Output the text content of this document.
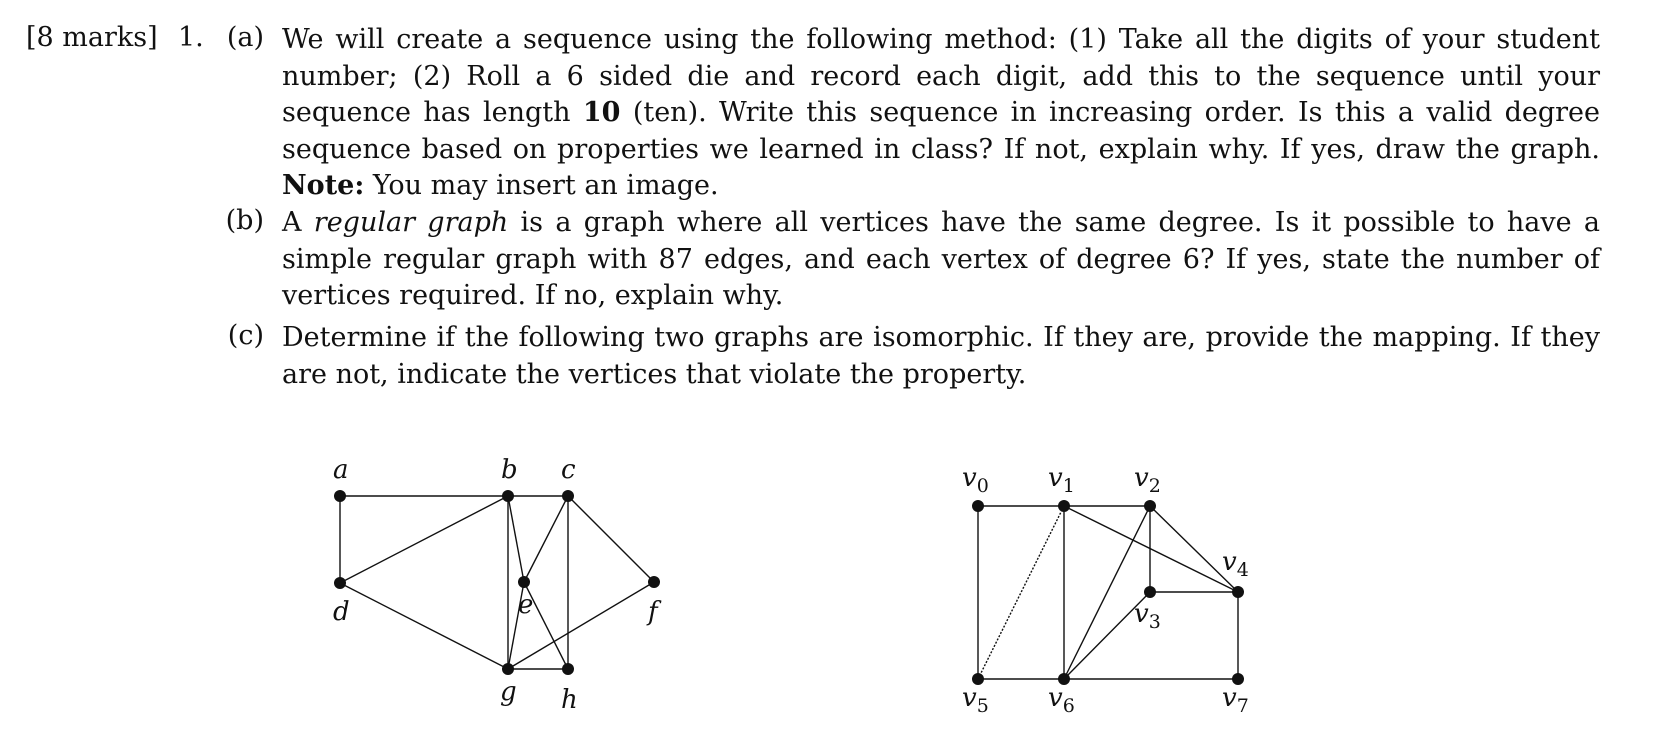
[8 marks] 1. (a) We will create a sequence using the following method: (1) Take all the digits of your student number; (2) Roll a 6 sided die and record each digit, add this to the sequence until your sequence has length 10 (ten). Write this sequence in increasing order. Is this a valid degree sequence based on properties we learned in class? If not, explain why. If yes, draw the graph. Note: You may insert an image.
(b) A regular graph is a graph where all vertices have the same degree. Is it possible to have a simple regular graph with 87 edges, and each vertex of degree 6? If yes, state the number of vertices required. If no, explain why.
(c) Determine if the following two graphs are isomorphic. If they are, provide the mapping. If they are not, indicate the vertices that violate the property.
a	b c
d	e	f
g h
$v_0$ $v_1$ $v_2$
$v_3$
$v_4$
$v_5$ $v_6$	$v_7$
